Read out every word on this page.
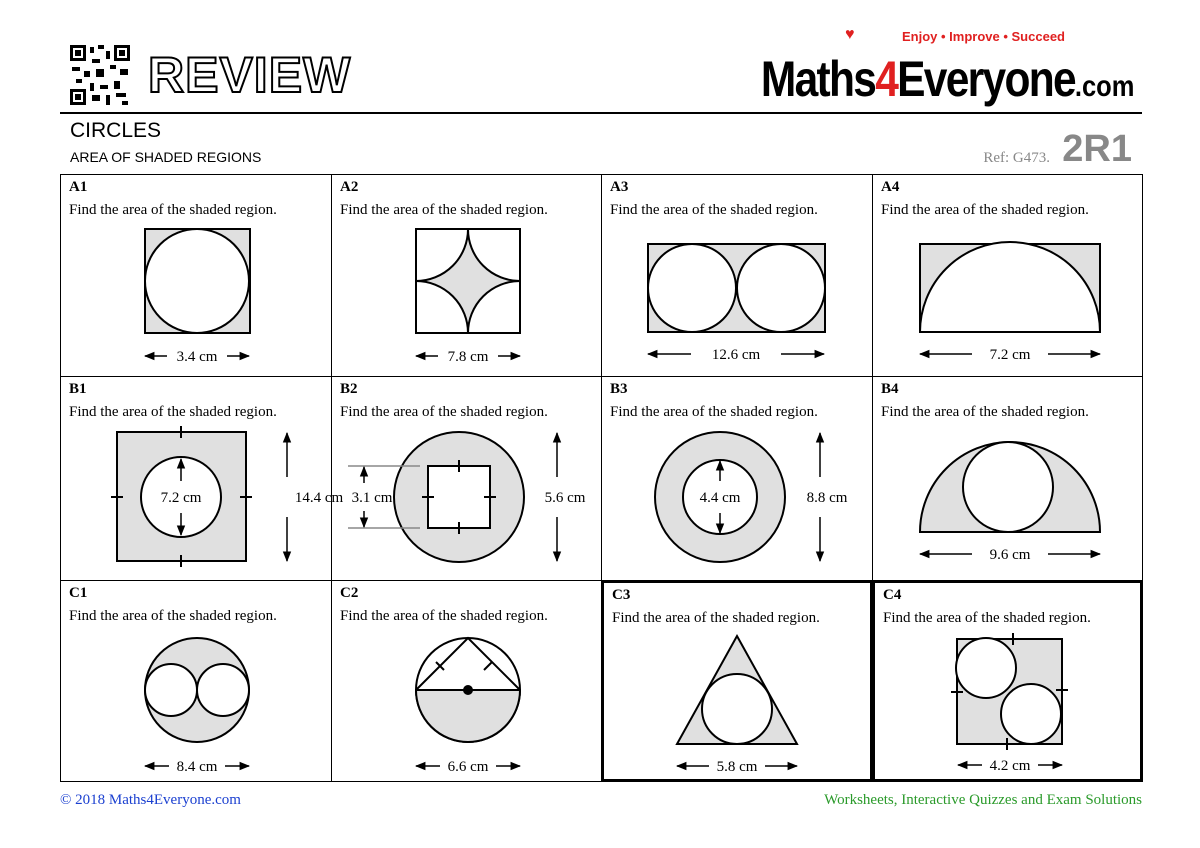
REVIEW
♥	Enjoy • Improve • Succeed
Maths4Everyone.com
CIRCLES
AREA OF SHADED REGIONS	2R1
Ref: G473.
A1
Find the area of the shaded region.
A2
Find the area of the shaded region.
A3
Find the area of the shaded region.
A4
Find the area of the shaded region.
B1
Find the area of the shaded region.
B2
Find the area of the shaded region.
B3
Find the area of the shaded region.
B4
Find the area of the shaded region.
C1
Find the area of the shaded region.
C2
Find the area of the shaded region.
C3
Find the area of the shaded region.
C4
Find the area of the shaded region.
3.4 cm	7.8 cm	12.6 cm	7.2 cm
7.2 cm	14.4 cm 3.1 cm	5.6 cm	4.4 cm	8.8 cm
9.6 cm
8.4 cm	6.6 cm	5.8 cm	4.2 cm
© 2018 Maths4Everyone.com	Worksheets, Interactive Quizzes and Exam Solutions
